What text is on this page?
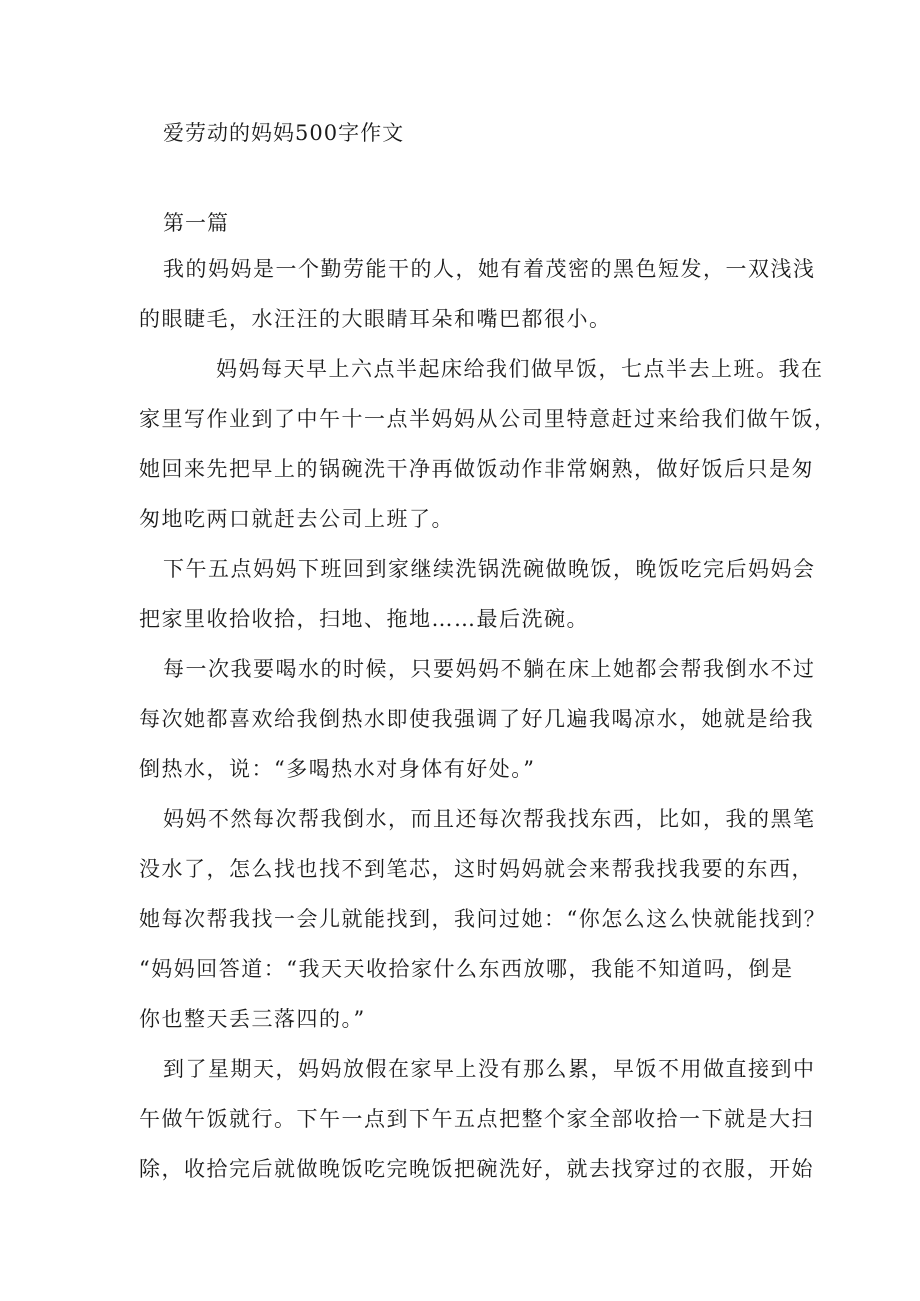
爱劳动的妈妈500字作文
第一篇
我的妈妈是一个勤劳能干的人，她有着茂密的黑色短发，一双浅浅
的眼睫毛，水汪汪的大眼睛耳朵和嘴巴都很小。
妈妈每天早上六点半起床给我们做早饭，七点半去上班。我在
家里写作业到了中午十一点半妈妈从公司里特意赶过来给我们做午饭，
她回来先把早上的锅碗洗干净再做饭动作非常娴熟，做好饭后只是匆
匆地吃两口就赶去公司上班了。
下午五点妈妈下班回到家继续洗锅洗碗做晚饭，晚饭吃完后妈妈会
把家里收拾收拾，扫地、拖地……最后洗碗。
每一次我要喝水的时候，只要妈妈不躺在床上她都会帮我倒水不过
每次她都喜欢给我倒热水即使我强调了好几遍我喝凉水，她就是给我
倒热水，说：“多喝热水对身体有好处。”
妈妈不然每次帮我倒水，而且还每次帮我找东西，比如，我的黑笔
没水了，怎么找也找不到笔芯，这时妈妈就会来帮我找我要的东西，
她每次帮我找一会儿就能找到，我问过她：“你怎么这么快就能找到？
“妈妈回答道：“我天天收拾家什么东西放哪，我能不知道吗，倒是
你也整天丢三落四的。”
到了星期天，妈妈放假在家早上没有那么累，早饭不用做直接到中
午做午饭就行。下午一点到下午五点把整个家全部收拾一下就是大扫
除，收拾完后就做晚饭吃完晚饭把碗洗好，就去找穿过的衣服，开始
